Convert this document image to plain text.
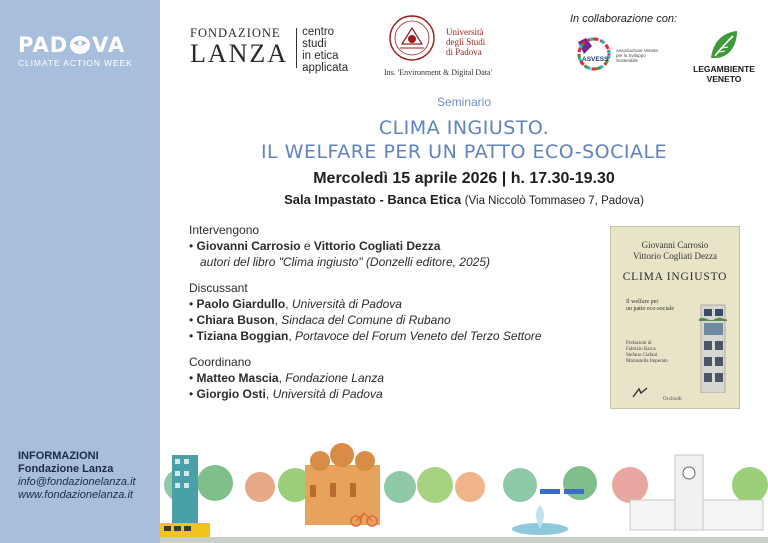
PAD VA
CLIMATE ACTION WEEK
INFORMAZIONI
Fondazione Lanza
info@fondazionelanza.it
www.fondazionelanza.it
FONDAZIONE
LANZA
centro studi
in etica
applicata
Università
degli Studi
di Padova
Ins. 'Environment & Digital Data'
In collaborazione con:
ASVESS
Associazione Veneta
per lo Sviluppo
Sostenibile
LEGAMBIENTE
VENETO
Seminario
CLIMA INGIUSTO.
IL WELFARE PER UN PATTO ECO-SOCIALE
Mercoledì 15 aprile 2026 | h. 17.30-19.30
Sala Impastato - Banca Etica (Via Niccolò Tommaseo 7, Padova)
Intervengono
• Giovanni Carrosio e Vittorio Cogliati Dezza
autori del libro "Clima ingiusto" (Donzelli editore, 2025)
Discussant
• Paolo Giardullo, Università di Padova
• Chiara Buson, Sindaca del Comune di Rubano
• Tiziana Boggian, Portavoce del Forum Veneto del Terzo Settore
Coordinano
• Matteo Mascia, Fondazione Lanza
• Giorgio Osti, Università di Padova
Giovanni Carrosio
Vittorio Cogliati Dezza
CLIMA INGIUSTO
Il welfare per
un patto eco-sociale
Prefazioni di
Fabrizio Barca
Stefano Ciafani
Mariastella Imperato
Occhiolli
